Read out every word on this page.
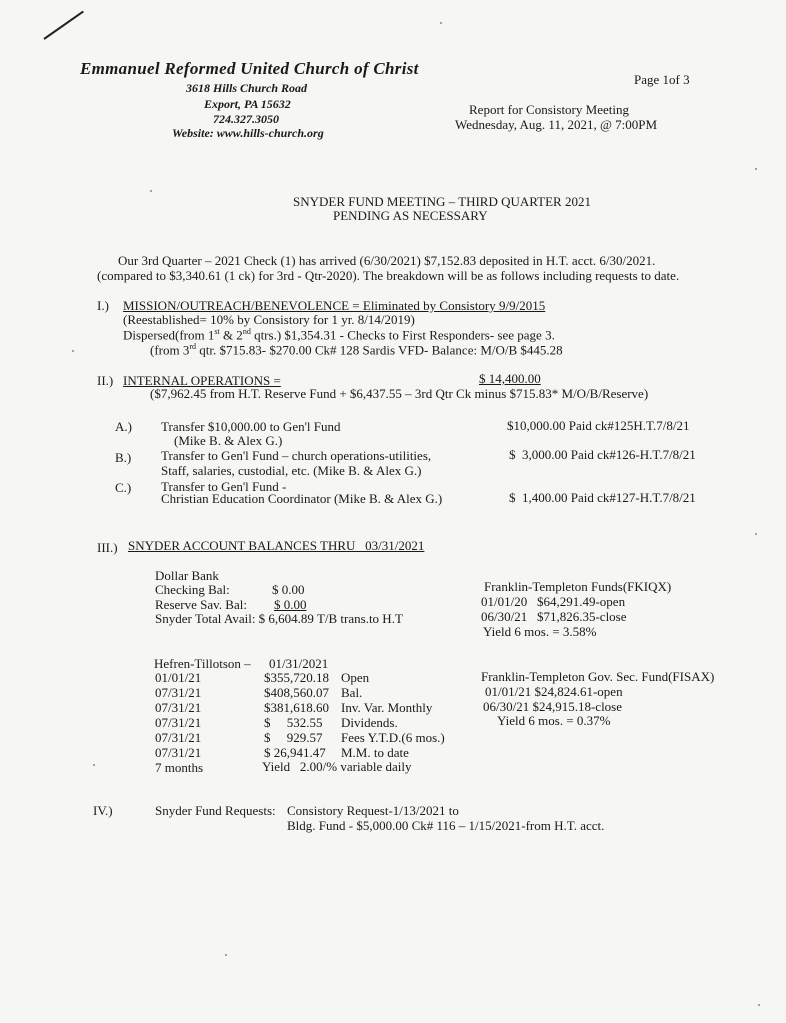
Emmanuel Reformed United Church of Christ
3618 Hills Church Road
Export, PA 15632
724.327.3050
Website: www.hills-church.org
Page 1of 3
Report for Consistory Meeting
Wednesday, Aug. 11, 2021, @ 7:00PM
SNYDER FUND MEETING – THIRD QUARTER 2021
PENDING AS NECESSARY
Our 3rd Quarter – 2021 Check (1) has arrived (6/30/2021) $7,152.83 deposited in H.T. acct. 6/30/2021.
(compared to $3,340.61 (1 ck) for 3rd - Qtr-2020). The breakdown will be as follows including requests to date.
I.) MISSION/OUTREACH/BENEVOLENCE = Eliminated by Consistory 9/9/2015
(Reestablished= 10% by Consistory for 1 yr. 8/14/2019)
Dispersed(from 1st & 2nd qtrs.) $1,354.31 - Checks to First Responders- see page 3.
(from 3rd qtr. $715.83- $270.00 Ck# 128 Sardis VFD- Balance: M/O/B $445.28
II.) INTERNAL OPERATIONS =	$ 14,400.00
($7,962.45 from H.T. Reserve Fund + $6,437.55 – 3rd Qtr Ck minus $715.83* M/O/B/Reserve)
A.) Transfer $10,000.00 to Gen'l Fund
(Mike B. & Alex G.)
$10,000.00 Paid ck#125H.T.7/8/21
B.) Transfer to Gen'l Fund – church operations-utilities,
Staff, salaries, custodial, etc. (Mike B. & Alex G.)
$  3,000.00 Paid ck#126-H.T.7/8/21
C.) Transfer to Gen'l Fund -
Christian Education Coordinator (Mike B. & Alex G.)	$  1,400.00 Paid ck#127-H.T.7/8/21
III.) SNYDER ACCOUNT BALANCES THRU   03/31/2021
Dollar Bank
Checking Bal:	$ 0.00
Reserve Sav. Bal: $ 0.00
Snyder Total Avail: $ 6,604.89 T/B trans.to H.T
Franklin-Templeton Funds(FKIQX)
01/01/20   $64,291.49-open
06/30/21   $71,826.35-close
Yield 6 mos. = 3.58%
Hefren-Tillotson – 01/31/2021
01/01/21	$355,720.18 Open
07/31/21	$408,560.07 Bal.
07/31/21	$381,618.60 Inv. Var. Monthly
07/31/21	$     532.55 Dividends.
07/31/21	$     929.57 Fees Y.T.D.(6 mos.)
07/31/21	$ 26,941.47 M.M. to date
7 months	Yield   2.00/% variable daily
Franklin-Templeton Gov. Sec. Fund(FISAX)
01/01/21 $24,824.61-open
06/30/21 $24,915.18-close
Yield 6 mos. = 0.37%
IV.)	Snyder Fund Requests: Consistory Request-1/13/2021 to
Bldg. Fund - $5,000.00 Ck# 116 – 1/15/2021-from H.T. acct.
